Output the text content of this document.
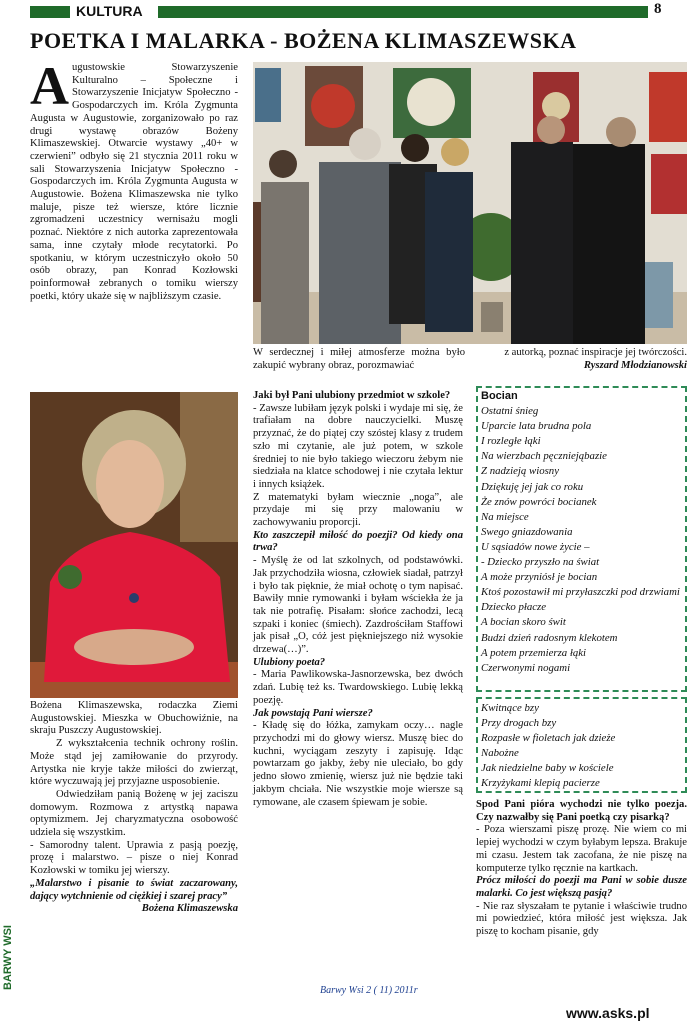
KULTURA	8
POETKA I MALARKA - BOŻENA KLIMASZEWSKA
Augustowskie Stowarzyszenie Kulturalno – Społeczne i Stowarzyszenie Inicjatyw Społeczno - Gospodarczych im. Króla Zygmunta Augusta w Augustowie, zorganizowało po raz drugi wystawę obrazów Bożeny Klimaszewskiej. Otwarcie wystawy „40+ w czerwieni” odbyło się 21 stycznia 2011 roku w sali Stowarzyszenia Inicjatyw Społeczno - Gospodarczych im. Króla Zygmunta Augusta w Augustowie. Bożena Klimaszewska nie tylko maluje, pisze też wiersze, które licznie zgromadzeni uczestnicy wernisażu mogli poznać. Niektóre z nich autorka zaprezentowała sama, inne czytały młode recytatorki. Po spotkaniu, w którym uczestniczyło około 50 osób obrazy, pan Konrad Kozłowski poinformował zebranych o tomiku wierszy poetki, który ukaże się w najbliższym czasie.
W serdecznej i miłej atmosferze można było zakupić wybrany obraz, porozmawiać
z autorką, poznać inspiracje jej twórczości.
Ryszard Młodzianowski

Bożena Klimaszewska, rodaczka Ziemi Augustowskiej. Mieszka w Obuchowiźnie, na skraju Puszczy Augustowskiej.

Z wykształcenia technik ochrony roślin. Może stąd jej zamiłowanie do przyrody. Artystka nie kryje także miłości do zwierząt, które wyczuwają jej przyjazne usposobienie.

Odwiedziłam panią Bożenę w jej zaciszu domowym. Rozmowa z artystką napawa optymizmem. Jej charyzmatyczna osobowość udziela się wszystkim.

- Samorodny talent. Uprawia z pasją poezję, prozę i malarstwo. – pisze o niej Konrad Kozłowski w tomiku jej wierszy.

„Malarstwo i pisanie to świat zaczarowany, dający wytchnienie od ciężkiej i szarej pracy”

Bożena Klimaszewska

Jaki był Pani ulubiony przedmiot w szkole?

- Zawsze lubiłam język polski i wydaje mi się, że trafiałam na dobre nauczycielki. Muszę przyznać, że do piątej czy szóstej klasy z trudem szło mi czytanie, ale już potem, w szkole średniej to nie było takiego wieczoru żebym nie siedziała na klatce schodowej i nie czytała lektur i innych książek.

Z matematyki byłam wiecznie „noga”, ale przydaje mi się przy malowaniu w zachowywaniu proporcji.

Kto zaszczepił miłość do poezji? Od kiedy ona trwa?

- Myślę że od lat szkolnych, od podstawówki. Jak przychodziła wiosna, człowiek siadał, patrzył i było tak pięknie, że miał ochotę o tym napisać. Bawiły mnie rymowanki i byłam wściekła że ja tak nie potrafię. Pisałam: słońce zachodzi, lecą szpaki i koniec (śmiech). Zazdrościłam Staffowi jak pisał „O, cóż jest piękniejszego niż wysokie drzewa(…)”.

Ulubiony poeta?

- Maria Pawlikowska-Jasnorzewska, bez dwóch zdań. Lubię też ks. Twardowskiego. Lubię lekką poezję.

Jak powstają Pani wiersze?

- Kładę się do łóżka, zamykam oczy… nagle przychodzi mi do głowy wiersz. Muszę biec do kuchni, wyciągam zeszyty i zapisuję. Idąc powtarzam go jakby, żeby nie uleciało, bo gdy jedno słowo zmienię, wiersz już nie będzie taki jakbym chciała. Nie wszystkie moje wiersze są rymowane, ale czasem śpiewam je sobie.

Bocian
Ostatni śnieg
Uparcie lata brudna pola
I rozległe łąki
Na wierzbach pęczniejąbazie
Z nadzieją wiosny
Dziękuję jej jak co roku
Że znów powróci bocianek
Na miejsce
Swego gniazdowania
U sąsiadów nowe życie –
- Dziecko przyszło na świat
A może przyniósł je bocian
Ktoś pozostawił mi przyłaszczki pod drzwiami
Dziecko płacze
A bocian skoro świt
Budzi dzień radosnym klekotem
A potem przemierza łąki
Czerwonymi nogami
Kwitnące bzy
Przy drogach bzy
Rozpasłe w fioletach jak dzieże
Nabożne
Jak niedzielne baby w kościele
Krzyżykami klepią pacierze

Spod Pani pióra wychodzi nie tylko poezja. Czy nazwałby się Pani poetką czy pisarką?

- Poza wierszami piszę prozę. Nie wiem co mi lepiej wychodzi w czym byłabym lepsza. Brakuje mi czasu. Jestem tak zacofana, że nie piszę na komputerze tylko ręcznie na kartkach.

Prócz miłości do poezji ma Pani w sobie dusze malarki. Co jest większą pasją?

- Nie raz słyszałam te pytanie i właściwie trudno mi powiedzieć, która miłość jest większa. Jak piszę to kocham pisanie, gdy

BARWY WSI
Barwy Wsi 2 ( 11) 2011r
www.asks.pl
